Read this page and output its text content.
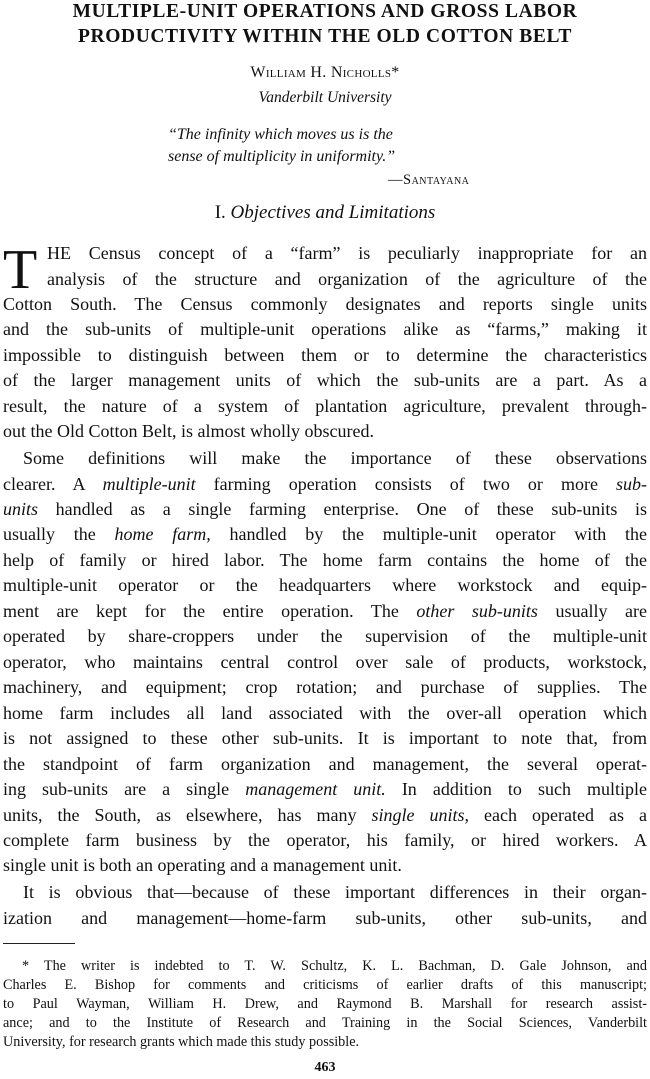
MULTIPLE-UNIT OPERATIONS AND GROSS LABOR
PRODUCTIVITY WITHIN THE OLD COTTON BELT
William H. Nicholls*
Vanderbilt University
“The infinity which moves us is the
sense of multiplicity in uniformity.”
—Santayana
I. Objectives and Limitations
T HE Census concept of a “farm” is peculiarly inappropriate for an
analysis of the structure and organization of the agriculture of the
Cotton South. The Census commonly designates and reports single units
and the sub-units of multiple-unit operations alike as “farms,” making it
impossible to distinguish between them or to determine the characteristics
of the larger management units of which the sub-units are a part. As a
result, the nature of a system of plantation agriculture, prevalent through-
out the Old Cotton Belt, is almost wholly obscured.
Some definitions will make the importance of these observations
clearer. A multiple-unit farming operation consists of two or more sub-
units handled as a single farming enterprise. One of these sub-units is
usually the home farm, handled by the multiple-unit operator with the
help of family or hired labor. The home farm contains the home of the
multiple-unit operator or the headquarters where workstock and equip-
ment are kept for the entire operation. The other sub-units usually are
operated by share-croppers under the supervision of the multiple-unit
operator, who maintains central control over sale of products, workstock,
machinery, and equipment; crop rotation; and purchase of supplies. The
home farm includes all land associated with the over-all operation which
is not assigned to these other sub-units. It is important to note that, from
the standpoint of farm organization and management, the several operat-
ing sub-units are a single management unit. In addition to such multiple
units, the South, as elsewhere, has many single units, each operated as a
complete farm business by the operator, his family, or hired workers. A
single unit is both an operating and a management unit.
It is obvious that—because of these important differences in their organ-
ization and management—home-farm sub-units, other sub-units, and
* The writer is indebted to T. W. Schultz, K. L. Bachman, D. Gale Johnson, and
Charles E. Bishop for comments and criticisms of earlier drafts of this manuscript;
to Paul Wayman, William H. Drew, and Raymond B. Marshall for research assist-
ance; and to the Institute of Research and Training in the Social Sciences, Vanderbilt
University, for research grants which made this study possible.
463
